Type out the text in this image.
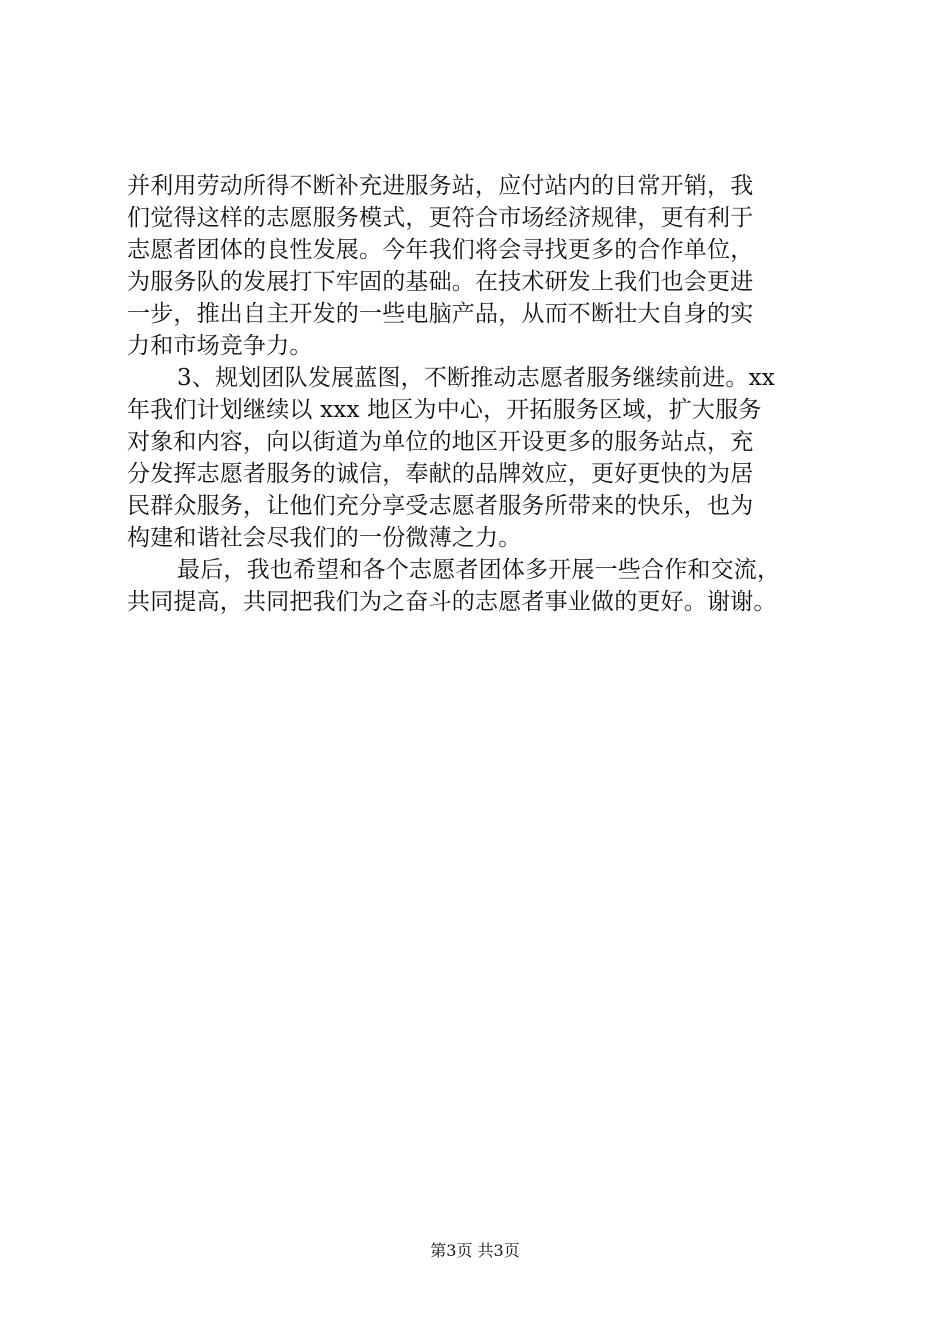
并利用劳动所得不断补充进服务站，应付站内的日常开销，我
们觉得这样的志愿服务模式，更符合市场经济规律，更有利于
志愿者团体的良性发展。今年我们将会寻找更多的合作单位，
为服务队的发展打下牢固的基础。在技术研发上我们也会更进
一步，推出自主开发的一些电脑产品，从而不断壮大自身的实
力和市场竞争力。
3、规划团队发展蓝图，不断推动志愿者服务继续前进。xx
年我们计划继续以 xxx 地区为中心，开拓服务区域，扩大服务
对象和内容，向以街道为单位的地区开设更多的服务站点，充
分发挥志愿者服务的诚信，奉献的品牌效应，更好更快的为居
民群众服务，让他们充分享受志愿者服务所带来的快乐，也为
构建和谐社会尽我们的一份微薄之力。
最后，我也希望和各个志愿者团体多开展一些合作和交流，
共同提高，共同把我们为之奋斗的志愿者事业做的更好。谢谢。
第3页 共3页
